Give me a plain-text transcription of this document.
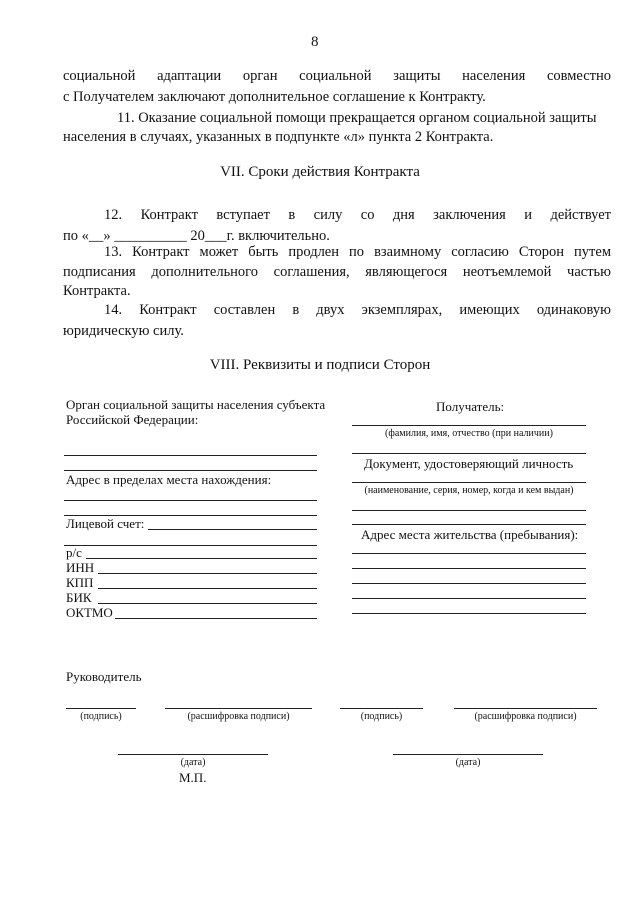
8
социальной адаптации орган социальной защиты населения совместно
с Получателем заключают дополнительное соглашение к Контракту.
11. Оказание социальной помощи прекращается органом социальной защиты
населения в случаях, указанных в подпункте «л» пункта 2 Контракта.
VII. Сроки действия Контракта
12. Контракт вступает в силу со дня заключения и действует
по «__» __________ 20___г. включительно.
13. Контракт может быть продлен по взаимному согласию Сторон путем
подписания дополнительного соглашения, являющегося неотъемлемой частью
Контракта.
14. Контракт составлен в двух экземплярах, имеющих одинаковую
юридическую силу.
VIII. Реквизиты и подписи Сторон
Орган социальной защиты населения субъекта
Российской Федерации:
Адрес в пределах места нахождения:
Лицевой счет:
р/с
ИНН
КПП
БИК
ОКТМО
Получатель:
(фамилия, имя, отчество (при наличии)
Документ, удостоверяющий личность
(наименование, серия, номер, когда и кем выдан)
Адрес места жительства (пребывания):
Руководитель
(подпись)	(расшифровка подписи)	(подпись)	(расшифровка подписи)
(дата)	(дата)
М.П.
